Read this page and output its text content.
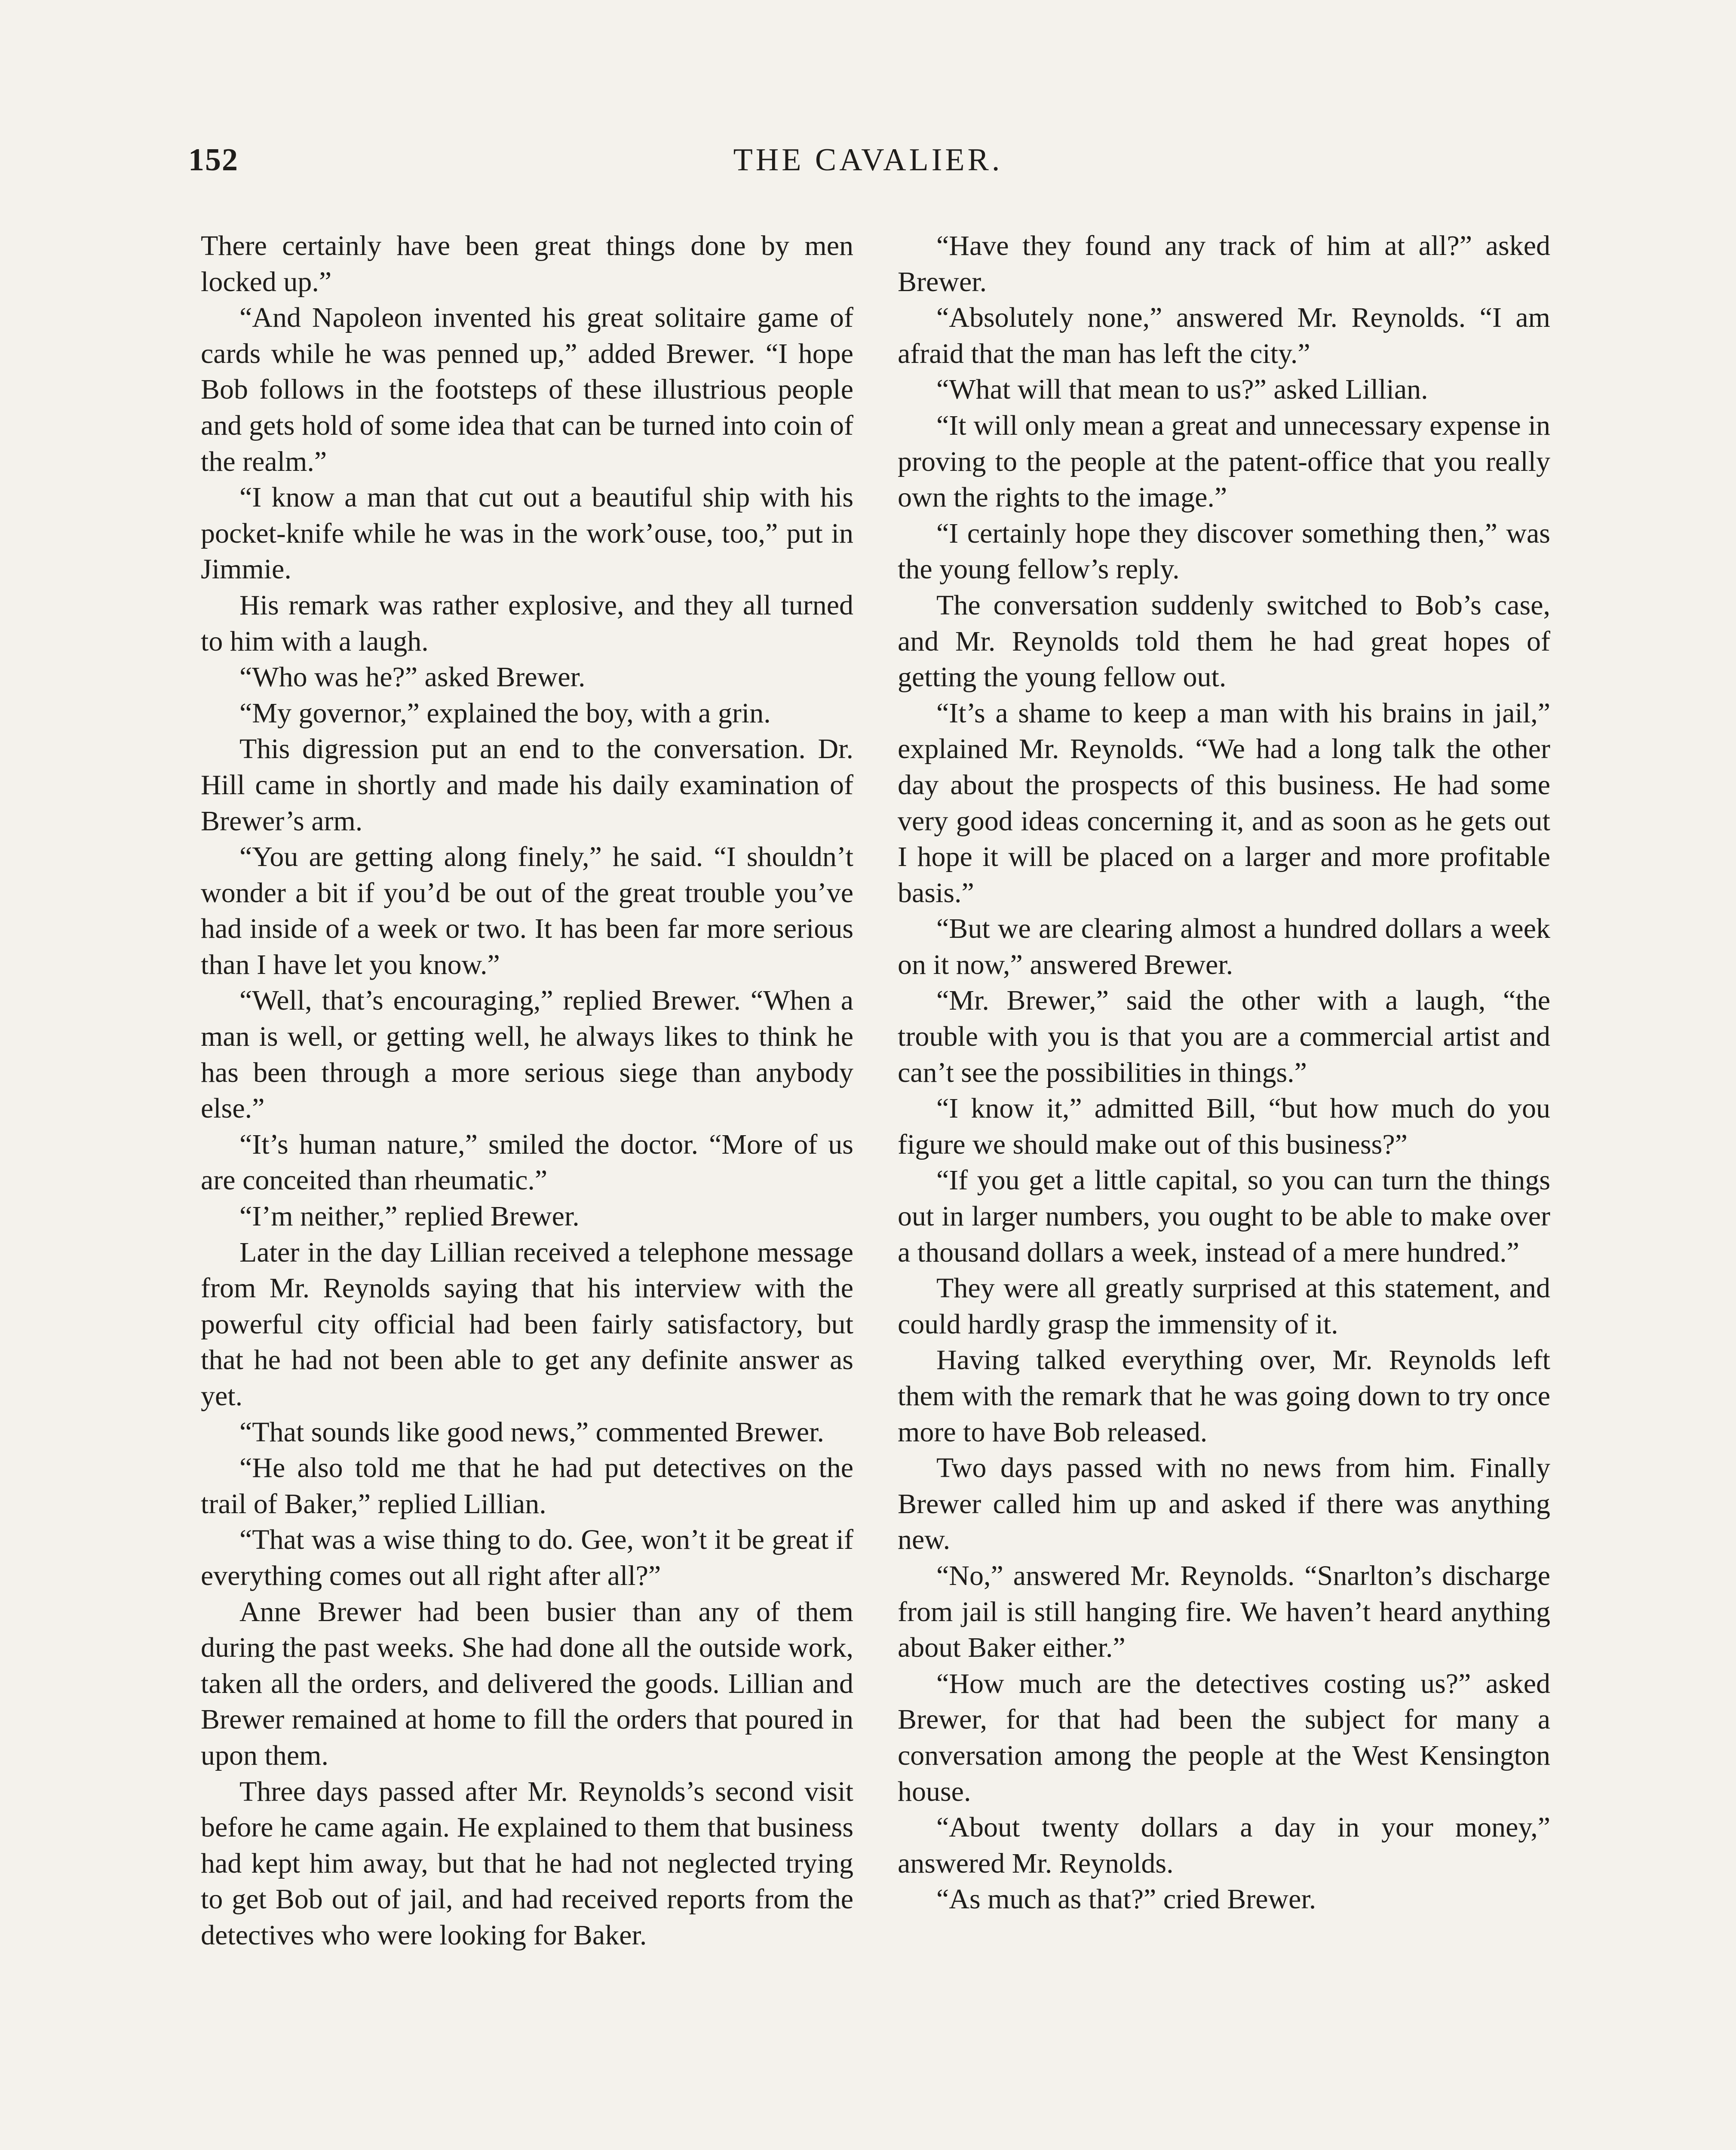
THE CAVALIER.
152

There certainly have been great things done by men locked up.”

“And Napoleon invented his great solitaire game of cards while he was penned up,” added Brewer. “I hope Bob follows in the footsteps of these illustrious people and gets hold of some idea that can be turned into coin of the realm.”

“I know a man that cut out a beautiful ship with his pocket-knife while he was in the work’ouse, too,” put in Jimmie.

His remark was rather explosive, and they all turned to him with a laugh.

“Who was he?” asked Brewer.

“My governor,” explained the boy, with a grin.

This digression put an end to the conversation. Dr. Hill came in shortly and made his daily examination of Brewer’s arm.

“You are getting along finely,” he said. “I shouldn’t wonder a bit if you’d be out of the great trouble you’ve had inside of a week or two. It has been far more serious than I have let you know.”

“Well, that’s encouraging,” replied Brewer. “When a man is well, or getting well, he always likes to think he has been through a more serious siege than anybody else.”

“It’s human nature,” smiled the doctor. “More of us are conceited than rheumatic.”

“I’m neither,” replied Brewer.

Later in the day Lillian received a telephone message from Mr. Reynolds saying that his interview with the powerful city official had been fairly satisfactory, but that he had not been able to get any definite answer as yet.

“That sounds like good news,” commented Brewer.

“He also told me that he had put detectives on the trail of Baker,” replied Lillian.

“That was a wise thing to do. Gee, won’t it be great if everything comes out all right after all?”

Anne Brewer had been busier than any of them during the past weeks. She had done all the outside work, taken all the orders, and delivered the goods. Lillian and Brewer remained at home to fill the orders that poured in upon them.

Three days passed after Mr. Reynolds’s second visit before he came again. He explained to them that business had kept him away, but that he had not neglected trying to get Bob out of jail, and had received reports from the detectives who were looking for Baker.

“Have they found any track of him at all?” asked Brewer.

“Absolutely none,” answered Mr. Reynolds. “I am afraid that the man has left the city.”

“What will that mean to us?” asked Lillian.

“It will only mean a great and unnecessary expense in proving to the people at the patent-office that you really own the rights to the image.”

“I certainly hope they discover something then,” was the young fellow’s reply.

The conversation suddenly switched to Bob’s case, and Mr. Reynolds told them he had great hopes of getting the young fellow out.

“It’s a shame to keep a man with his brains in jail,” explained Mr. Reynolds. “We had a long talk the other day about the prospects of this business. He had some very good ideas concerning it, and as soon as he gets out I hope it will be placed on a larger and more profitable basis.”

“But we are clearing almost a hundred dollars a week on it now,” answered Brewer.

“Mr. Brewer,” said the other with a laugh, “the trouble with you is that you are a commercial artist and can’t see the possibilities in things.”

“I know it,” admitted Bill, “but how much do you figure we should make out of this business?”

“If you get a little capital, so you can turn the things out in larger numbers, you ought to be able to make over a thousand dollars a week, instead of a mere hundred.”

They were all greatly surprised at this statement, and could hardly grasp the immensity of it.

Having talked everything over, Mr. Reynolds left them with the remark that he was going down to try once more to have Bob released.

Two days passed with no news from him. Finally Brewer called him up and asked if there was anything new.

“No,” answered Mr. Reynolds. “Snarlton’s discharge from jail is still hanging fire. We haven’t heard anything about Baker either.”

“How much are the detectives costing us?” asked Brewer, for that had been the subject for many a conversation among the people at the West Kensington house.

“About twenty dollars a day in your money,” answered Mr. Reynolds.

“As much as that?” cried Brewer.
